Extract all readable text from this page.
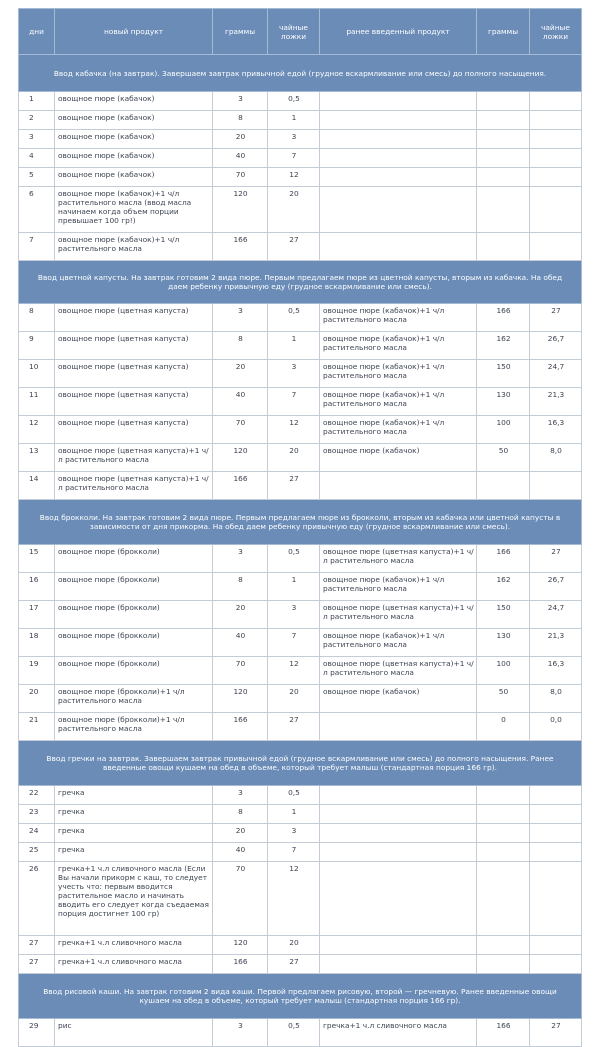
дни	новый продукт	граммы	чайные ложки	ранее введенный продукт	граммы	чайные ложки
Ввод кабачка (на завтрак). Завершаем завтрак привычной едой (грудное вскармливание или смесь) до полного насыщения.						
1	овощное пюре (кабачок)	3	0,5			
2	овощное пюре (кабачок)	8	1			
3	овощное пюре (кабачок)	20	3			
4	овощное пюре (кабачок)	40	7			
5	овощное пюре (кабачок)	70	12			
6	овощное пюре (кабачок)+1 ч/л растительного масла (ввод масла начинаем когда объем порции превышает 100 гр!)	120	20			
7	овощное пюре (кабачок)+1 ч/л растительного масла	166	27			
Ввод цветной капусты. На завтрак готовим 2 вида пюре. Первым предлагаем пюре из цветной капусты, вторым из кабачка. На обед даем ребенку привычную еду (грудное вскармливание или смесь).						
8	овощное пюре (цветная капуста)	3	0,5	овощное пюре (кабачок)+1 ч/л растительного масла	166	27
9	овощное пюре (цветная капуста)	8	1	овощное пюре (кабачок)+1 ч/л растительного масла	162	26,7
10	овощное пюре (цветная капуста)	20	3	овощное пюре (кабачок)+1 ч/л растительного масла	150	24,7
11	овощное пюре (цветная капуста)	40	7	овощное пюре (кабачок)+1 ч/л растительного масла	130	21,3
12	овощное пюре (цветная капуста)	70	12	овощное пюре (кабачок)+1 ч/л растительного масла	100	16,3
13	овощное пюре (цветная капуста)+1 ч/л растительного масла	120	20	овощное пюре (кабачок)	50	8,0
14	овощное пюре (цветная капуста)+1 ч/л растительного масла	166	27			
Ввод брокколи. На завтрак готовим 2 вида пюре. Первым предлагаем пюре из брокколи, вторым из кабачка или цветной капусты в зависимости от дня прикорма. На обед даем ребенку привычную еду (грудное вскармливание или смесь).						
15	овощное пюре (брокколи)	3	0,5	овощное пюре (цветная капуста)+1 ч/л растительного масла	166	27
16	овощное пюре (брокколи)	8	1	овощное пюре (кабачок)+1 ч/л растительного масла	162	26,7
17	овощное пюре (брокколи)	20	3	овощное пюре (цветная капуста)+1 ч/л растительного масла	150	24,7
18	овощное пюре (брокколи)	40	7	овощное пюре (кабачок)+1 ч/л растительного масла	130	21,3
19	овощное пюре (брокколи)	70	12	овощное пюре (цветная капуста)+1 ч/л растительного масла	100	16,3
20	овощное пюре (брокколи)+1 ч/л растительного масла	120	20	овощное пюре (кабачок)	50	8,0
21	овощное пюре (брокколи)+1 ч/л растительного масла	166	27		0	0,0
Ввод гречки на завтрак. Завершаем завтрак привычной едой (грудное вскармливание или смесь) до полного насыщения. Ранее введенные овощи кушаем на обед в объеме, который требует малыш (стандартная порция 166 гр).						
22	гречка	3	0,5			
23	гречка	8	1			
24	гречка	20	3			
25	гречка	40	7			
26	гречка+1 ч.л сливочного масла (Если Вы начали прикорм с каш, то следует учесть что: первым вводится растительное масло и начинать вводить его следует когда съедаемая порция достигнет 100 гр)	70	12			
27	гречка+1 ч.л сливочного масла	120	20			
27	гречка+1 ч.л сливочного масла	166	27			
Ввод рисовой каши. На завтрак готовим 2 вида каши. Первой предлагаем рисовую, второй — гречневую. Ранее введенные овощи кушаем на обед в объеме, который требует малыш (стандартная порция 166 гр).						
29	рис	3	0,5	гречка+1 ч.л сливочного масла	166	27
